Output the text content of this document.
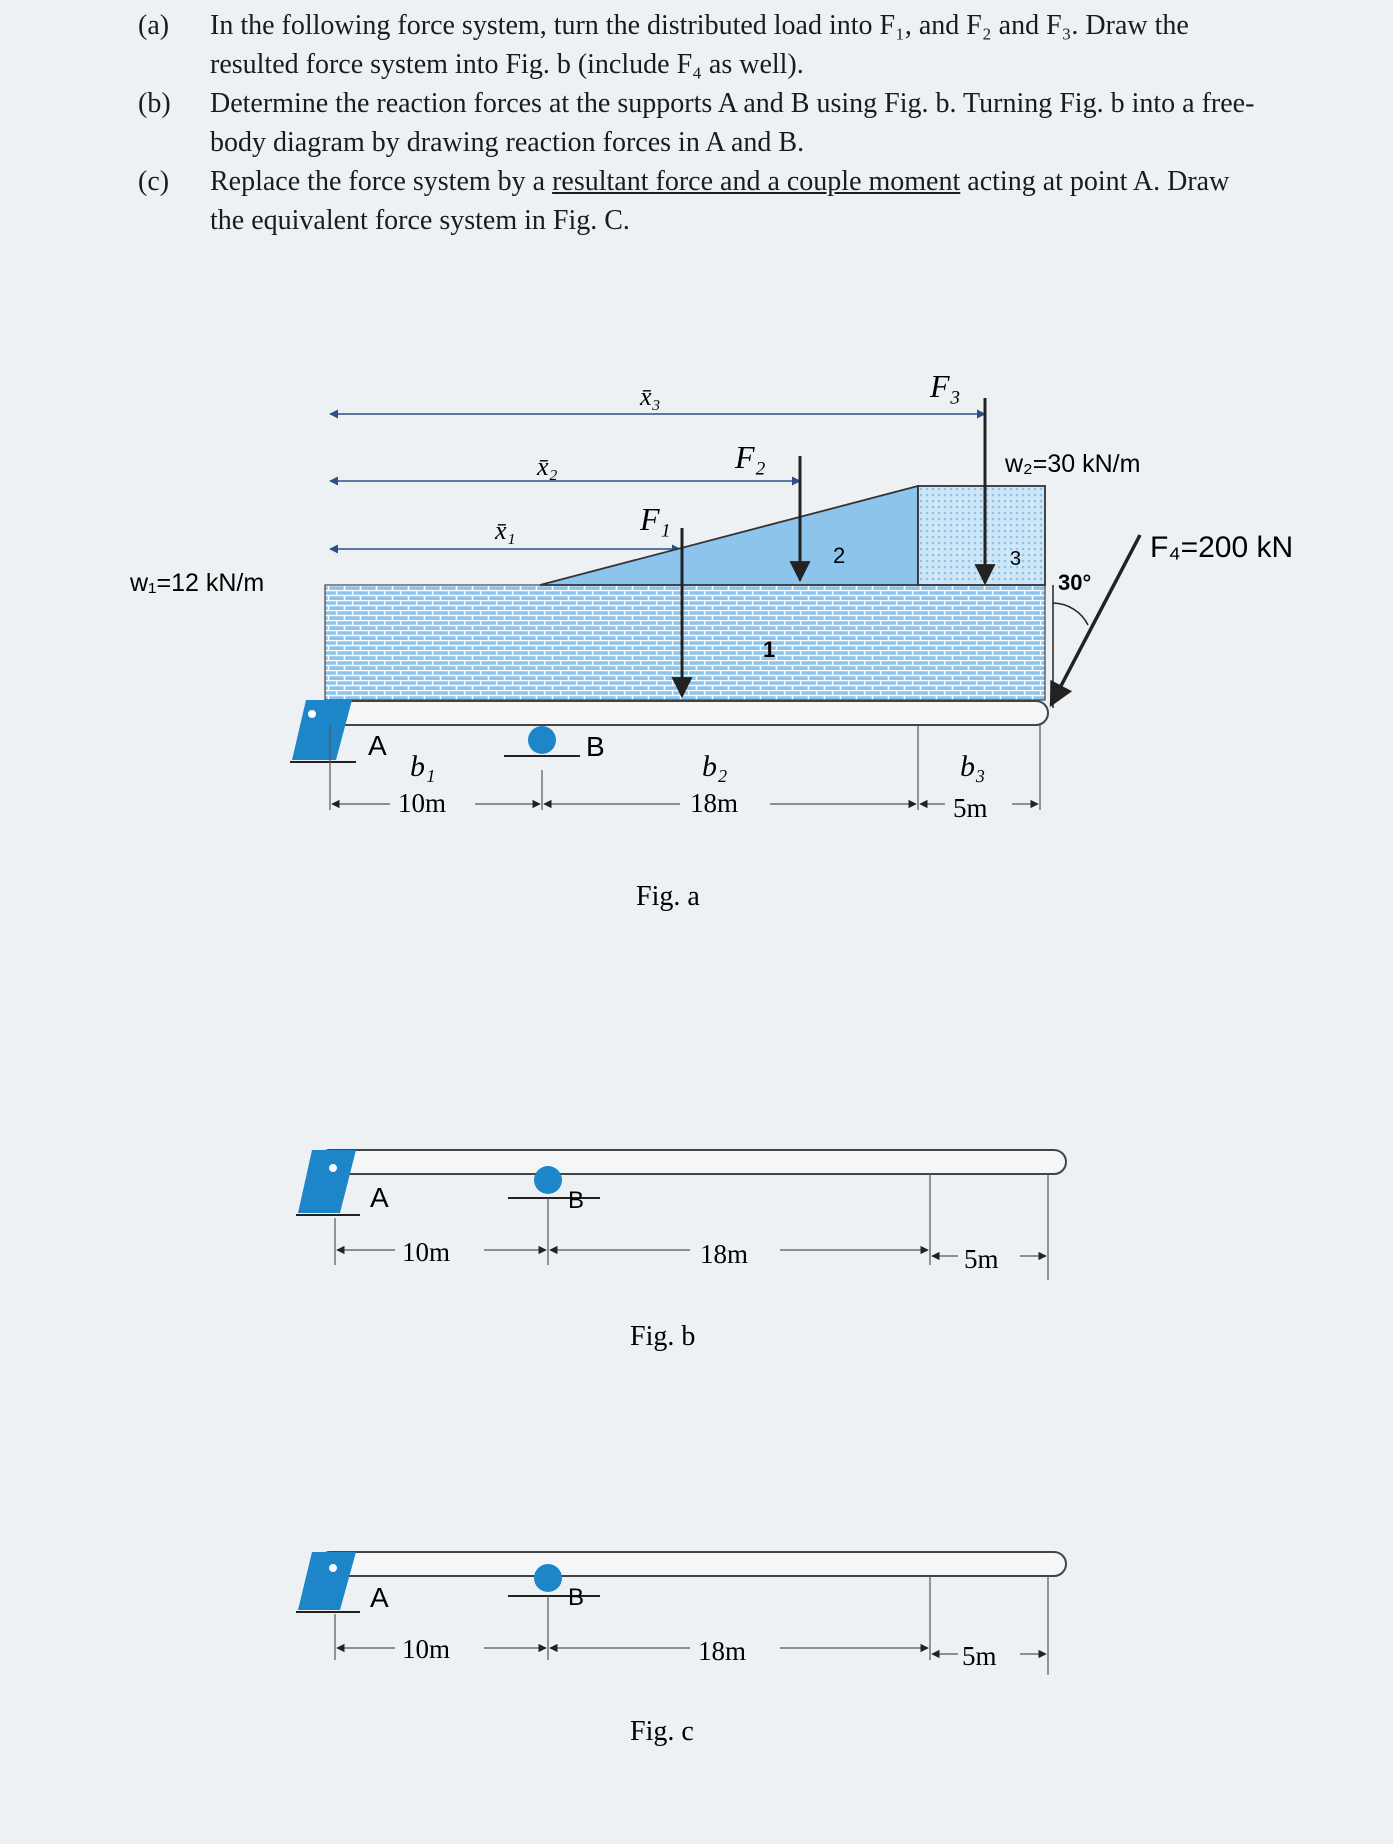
(a) In the following force system, turn the distributed load into F₁, and F₂ and F₃. Draw the resulted force system into Fig. b (include F₄ as well).
(b) Determine the reaction forces at the supports A and B using Fig. b. Turning Fig. b into a free-body diagram by drawing reaction forces in A and B.
(c) Replace the force system by a resultant force and a couple moment acting at point A. Draw the equivalent force system in Fig. C.
x̄₃
x̄₂
x̄₁
1
2	3
F₁
F₂
F₃
w₁=12 kN/m
w₂=30 kN/m
30°
F₄=200 kN
A	B
b₁	b₂	b₃
10m	18m	5m
Fig. a
A	B
10m	18m	5m
Fig. b
A	B
10m	18m	5m
Fig. c
